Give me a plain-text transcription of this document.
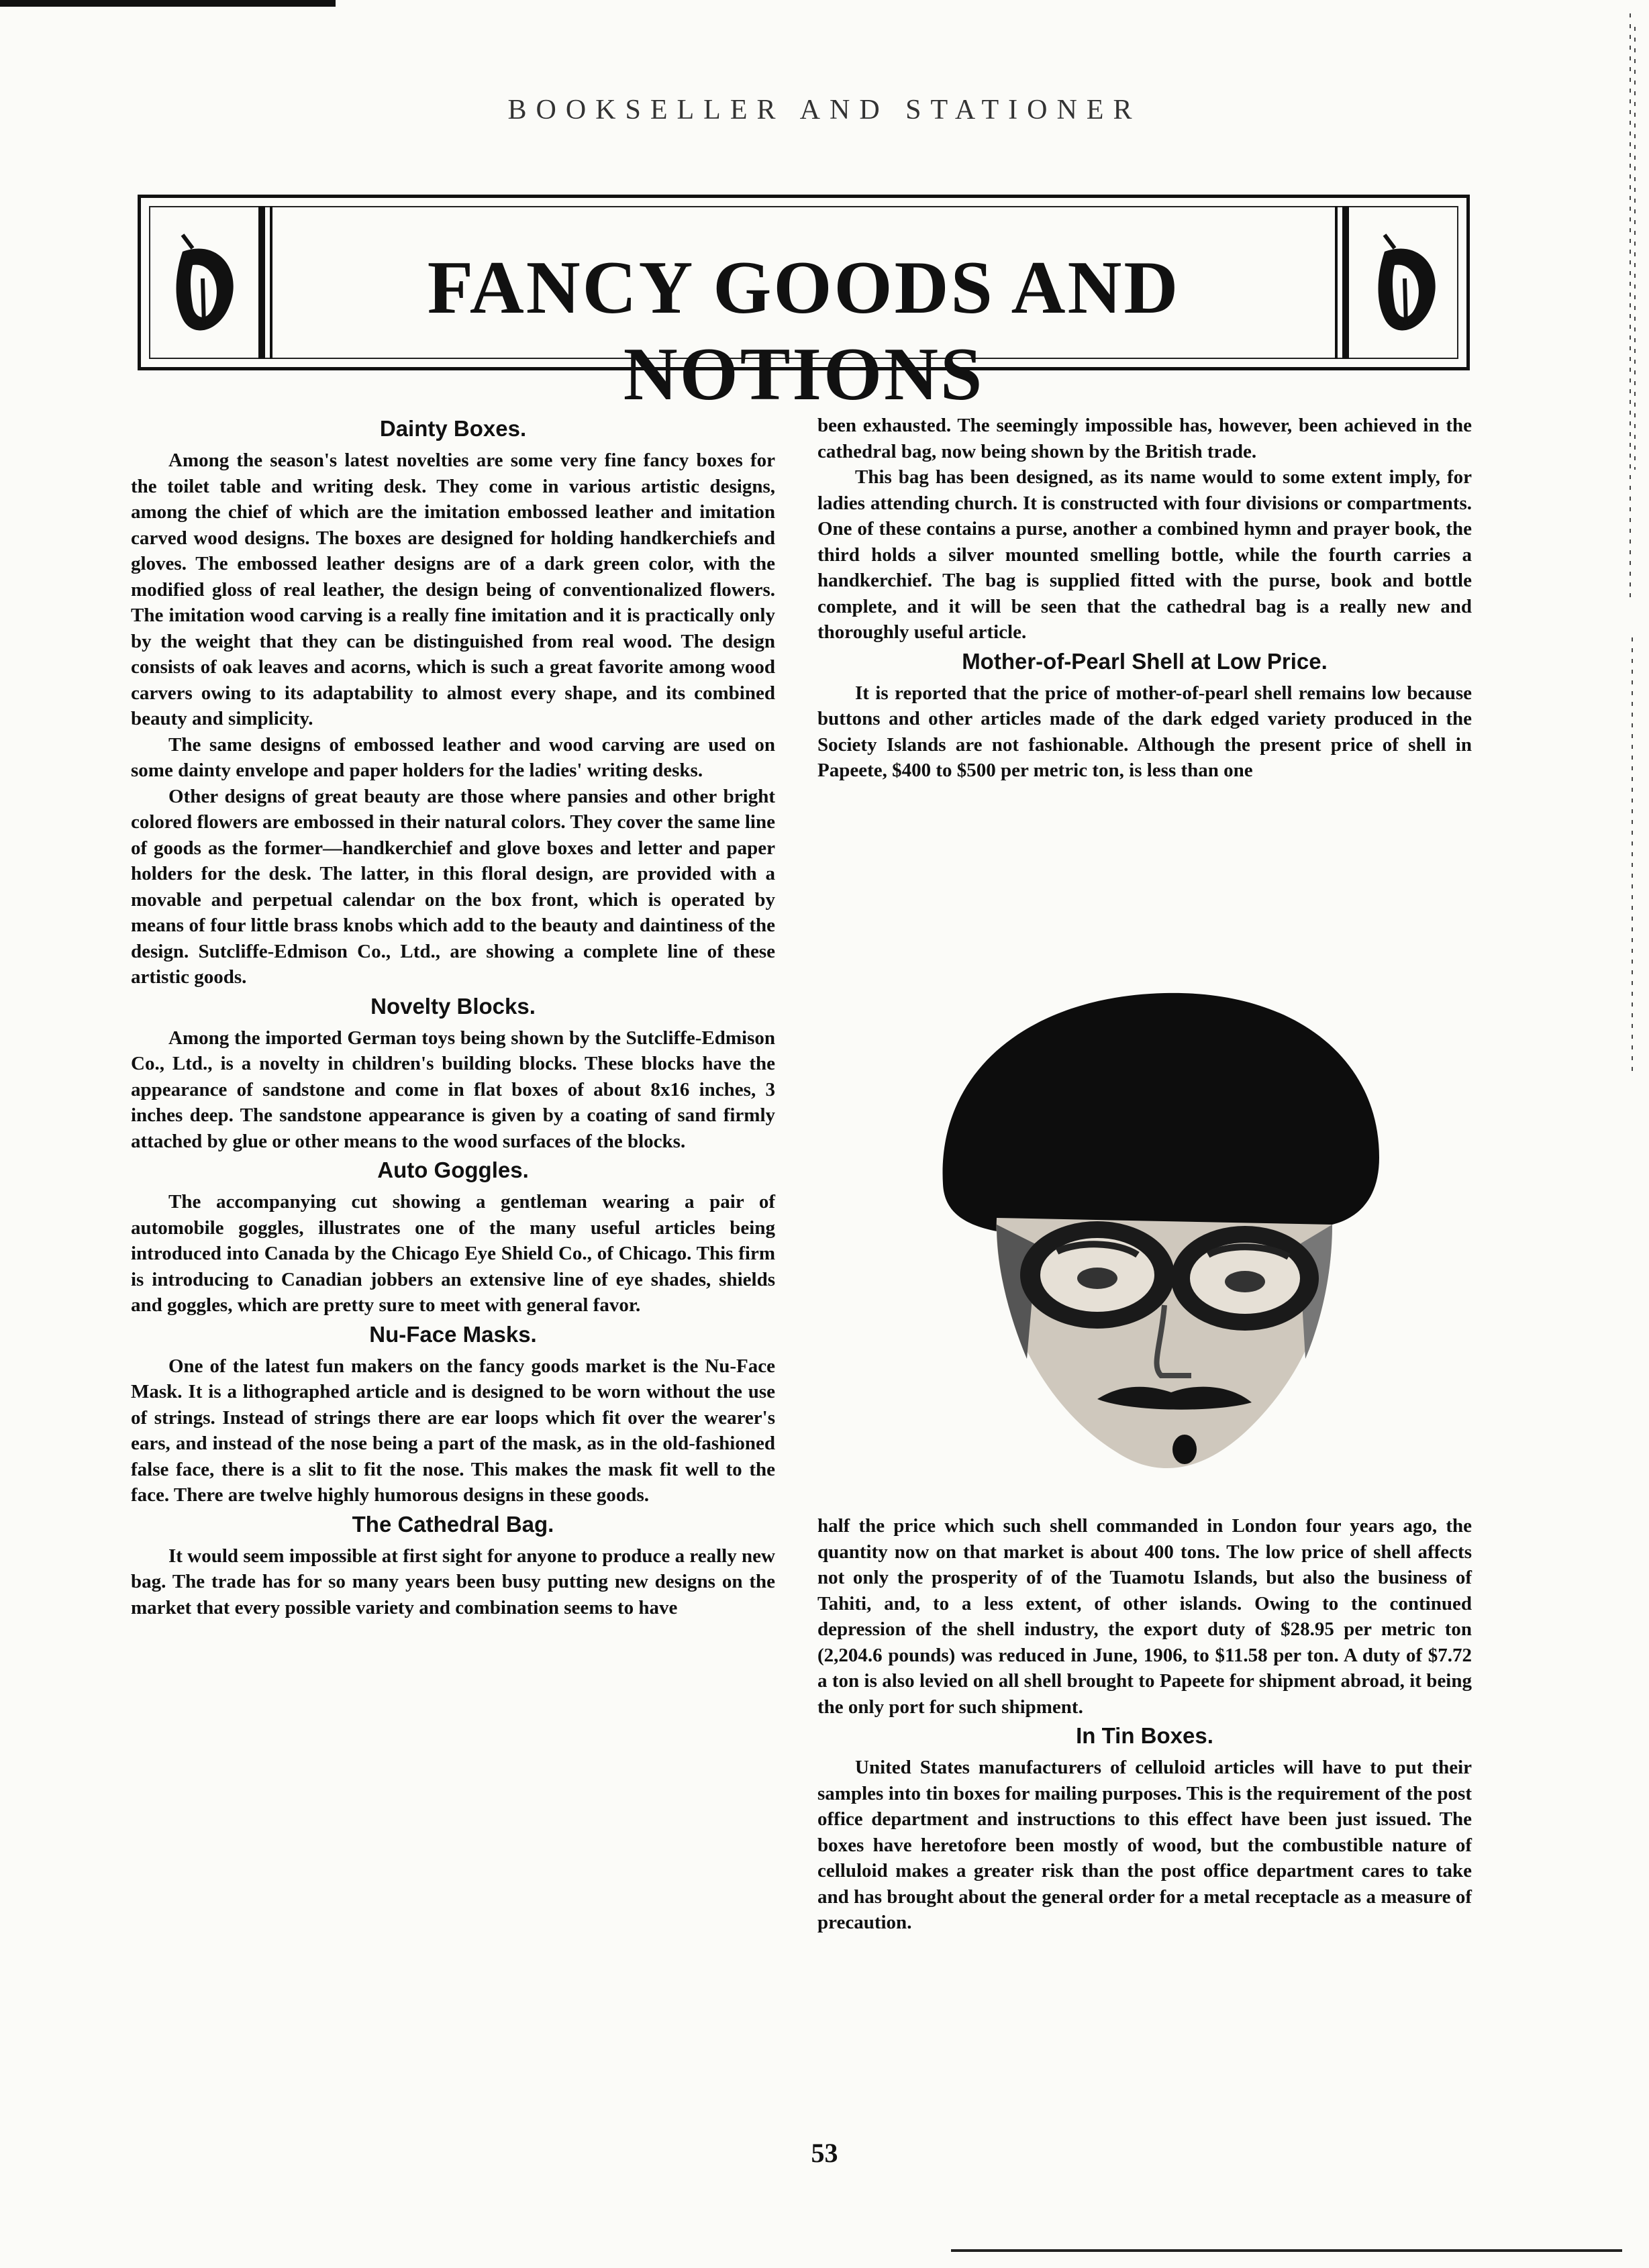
BOOKSELLER AND STATIONER
FANCY GOODS AND NOTIONS
Dainty Boxes.

Among the season's latest novelties are some very fine fancy boxes for the toilet table and writing desk. They come in various artistic designs, among the chief of which are the imitation embossed leather and imitation carved wood designs. The boxes are designed for holding handkerchiefs and gloves. The embossed leather designs are of a dark green color, with the modified gloss of real leather, the design being of conventionalized flowers. The imitation wood carving is a really fine imitation and it is practically only by the weight that they can be distinguished from real wood. The design consists of oak leaves and acorns, which is such a great favorite among wood carvers owing to its adaptability to almost every shape, and its combined beauty and simplicity.

The same designs of embossed leather and wood carving are used on some dainty envelope and paper holders for the ladies' writing desks.

Other designs of great beauty are those where pansies and other bright colored flowers are embossed in their natural colors. They cover the same line of goods as the former—handkerchief and glove boxes and letter and paper holders for the desk. The latter, in this floral design, are provided with a movable and perpetual calendar on the box front, which is operated by means of four little brass knobs which add to the beauty and daintiness of the design. Sutcliffe-Edmison Co., Ltd., are showing a complete line of these artistic goods.

Novelty Blocks.

Among the imported German toys being shown by the Sutcliffe-Edmison Co., Ltd., is a novelty in children's building blocks. These blocks have the appearance of sandstone and come in flat boxes of about 8x16 inches, 3 inches deep. The sandstone appearance is given by a coating of sand firmly attached by glue or other means to the wood surfaces of the blocks.

Auto Goggles.

The accompanying cut showing a gentleman wearing a pair of automobile goggles, illustrates one of the many useful articles being introduced into Canada by the Chicago Eye Shield Co., of Chicago. This firm is introducing to Canadian jobbers an extensive line of eye shades, shields and goggles, which are pretty sure to meet with general favor.

Nu-Face Masks.

One of the latest fun makers on the fancy goods market is the Nu-Face Mask. It is a lithographed article and is designed to be worn without the use of strings. Instead of strings there are ear loops which fit over the wearer's ears, and instead of the nose being a part of the mask, as in the old-fashioned false face, there is a slit to fit the nose. This makes the mask fit well to the face. There are twelve highly humorous designs in these goods.

The Cathedral Bag.

It would seem impossible at first sight for anyone to produce a really new bag. The trade has for so many years been busy putting new designs on the market that every possible variety and combination seems to have

been exhausted. The seemingly impossible has, however, been achieved in the cathedral bag, now being shown by the British trade.

This bag has been designed, as its name would to some extent imply, for ladies attending church. It is constructed with four divisions or compartments. One of these contains a purse, another a combined hymn and prayer book, the third holds a silver mounted smelling bottle, while the fourth carries a handkerchief. The bag is supplied fitted with the purse, book and bottle complete, and it will be seen that the cathedral bag is a really new and thoroughly useful article.

Mother-of-Pearl Shell at Low Price.

It is reported that the price of mother-of-pearl shell remains low because buttons and other articles made of the dark edged variety produced in the Society Islands are not fashionable. Although the present price of shell in Papeete, $400 to $500 per metric ton, is less than one

half the price which such shell commanded in London four years ago, the quantity now on that market is about 400 tons. The low price of shell affects not only the prosperity of of the Tuamotu Islands, but also the business of Tahiti, and, to a less extent, of other islands. Owing to the continued depression of the shell industry, the export duty of $28.95 per metric ton (2,204.6 pounds) was reduced in June, 1906, to $11.58 per ton. A duty of $7.72 a ton is also levied on all shell brought to Papeete for shipment abroad, it being the only port for such shipment.

In Tin Boxes.

United States manufacturers of celluloid articles will have to put their samples into tin boxes for mailing purposes. This is the requirement of the post office department and instructions to this effect have been just issued. The boxes have heretofore been mostly of wood, but the combustible nature of celluloid makes a greater risk than the post office department cares to take and has brought about the general order for a metal receptacle as a measure of precaution.

53
